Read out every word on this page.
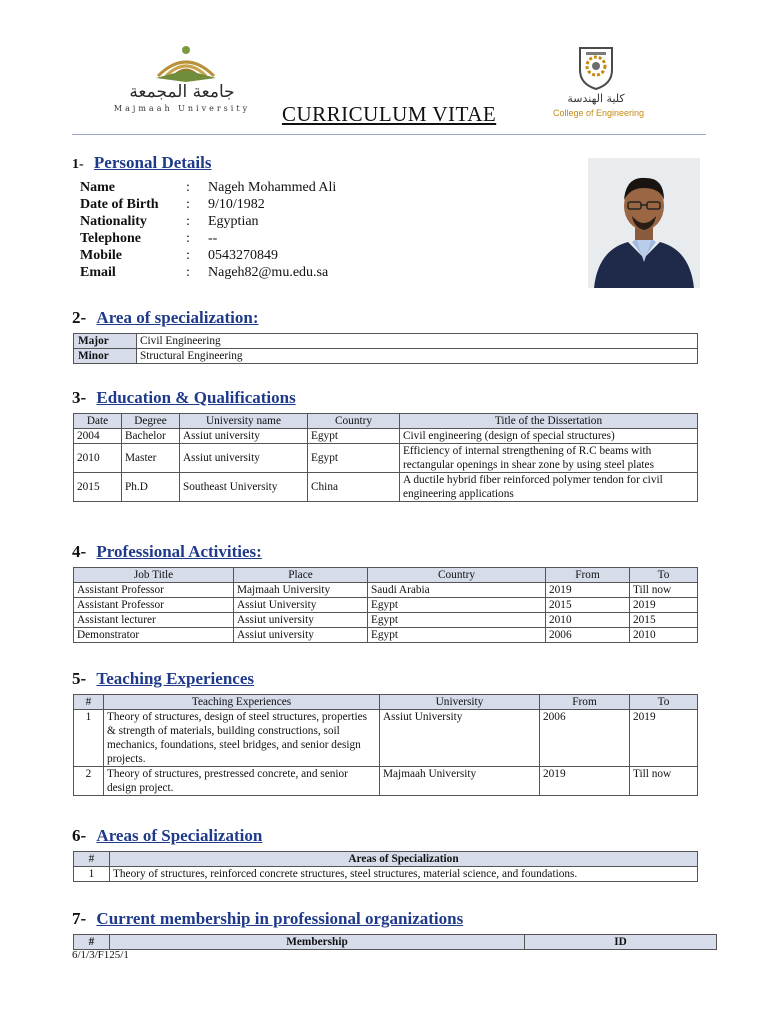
جامعة المجمعة
Majmaah University CURRICULUM VITAE
كلية الهندسة
College of Engineering
1- Personal Details
Name	: Nageh Mohammed Ali
Date of Birth	: 9/10/1982
Nationality	: Egyptian
Telephone	: --
Mobile	: 0543270849
Email	: Nageh82@mu.edu.sa
2- Area of specialization:
Major	Civil Engineering
Minor	Structural Engineering
3- Education & Qualifications
Date	Degree	University name	Country	Title of the Dissertation
2004	Bachelor	Assiut university	Egypt	Civil engineering (design of special structures)
2010	Master	Assiut university	Egypt	Efficiency of internal strengthening of R.C beams with rectangular openings in shear zone by using steel plates
2015	Ph.D	Southeast University	China	A ductile hybrid fiber reinforced polymer tendon for civil engineering applications
4- Professional Activities:
Job Title	Place	Country	From	To
Assistant Professor	Majmaah University	Saudi Arabia	2019	Till now
Assistant Professor	Assiut University	Egypt	2015	2019
Assistant lecturer	Assiut university	Egypt	2010	2015
Demonstrator	Assiut university	Egypt	2006	2010
5- Teaching Experiences
#	Teaching Experiences	University	From	To
1	Theory of structures, design of steel structures, properties & strength of materials, building constructions, soil mechanics, foundations, steel bridges, and senior design projects.	Assiut University	2006	2019
2	Theory of structures, prestressed concrete, and senior design project.	Majmaah University	2019	Till now
6- Areas of Specialization
#	Areas of Specialization
1	Theory of structures, reinforced concrete structures, steel structures, material science, and foundations.
7- Current membership in professional organizations
#	Membership	ID
6/1/3/F125/1
